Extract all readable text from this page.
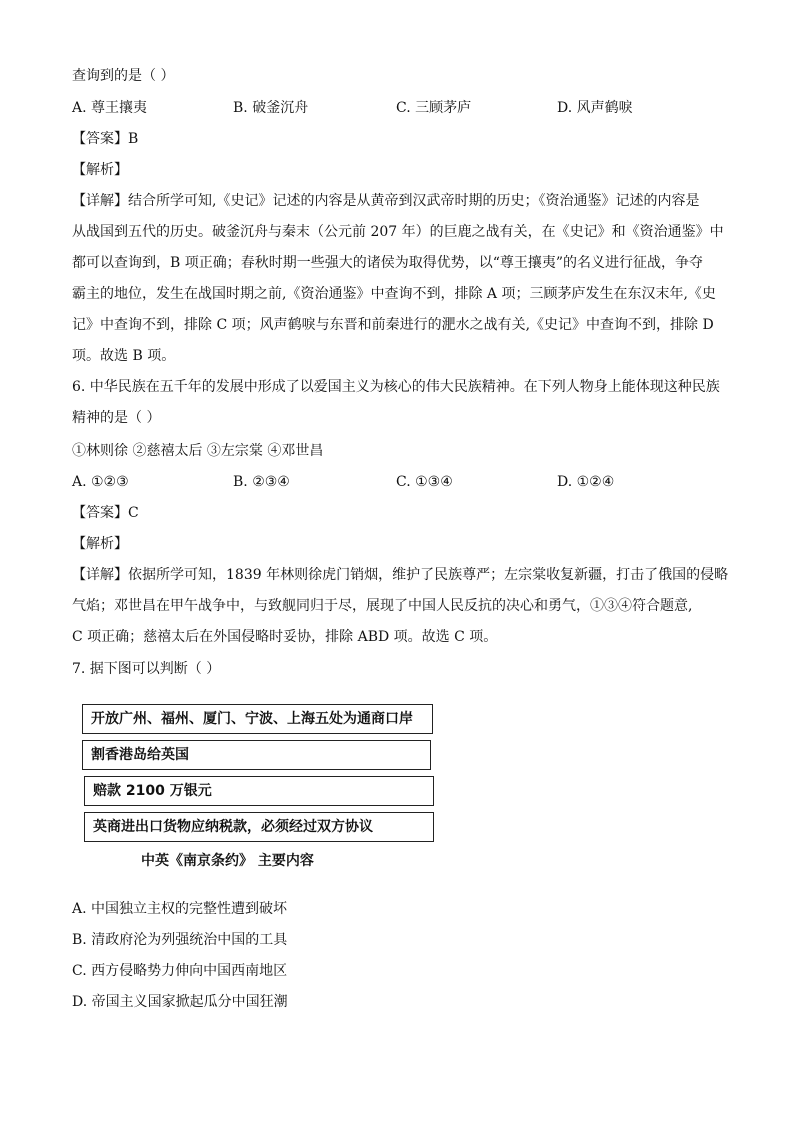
查询到的是（ ）
A. 尊王攘夷	B. 破釜沉舟	C. 三顾茅庐	D. 风声鹤唳
【答案】B
【解析】
【详解】结合所学可知,《史记》记述的内容是从黄帝到汉武帝时期的历史；《资治通鉴》记述的内容是
从战国到五代的历史。破釜沉舟与秦末（公元前 207 年）的巨鹿之战有关，在《史记》和《资治通鉴》中
都可以查询到，B 项正确；春秋时期一些强大的诸侯为取得优势，以“尊王攘夷”的名义进行征战，争夺
霸主的地位，发生在战国时期之前,《资治通鉴》中查询不到，排除 A 项；三顾茅庐发生在东汉末年,《史
记》中查询不到，排除 C 项；风声鹤唳与东晋和前秦进行的淝水之战有关,《史记》中查询不到，排除 D
项。故选 B 项。
6. 中华民族在五千年的发展中形成了以爱国主义为核心的伟大民族精神。在下列人物身上能体现这种民族
精神的是（ ）
①林则徐 ②慈禧太后 ③左宗棠 ④邓世昌
A. ①②③	B. ②③④	C. ①③④	D. ①②④
【答案】C
【解析】
【详解】依据所学可知，1839 年林则徐虎门销烟，维护了民族尊严；左宗棠收复新疆，打击了俄国的侵略
气焰；邓世昌在甲午战争中，与致舰同归于尽，展现了中国人民反抗的决心和勇气，①③④符合题意,
C 项正确；慈禧太后在外国侵略时妥协，排除 ABD 项。故选 C 项。
7. 据下图可以判断（ ）
开放广州、福州、厦门、宁波、上海五处为通商口岸
割香港岛给英国
赔款 2100 万银元
英商进出口货物应纳税款，必须经过双方协议
中英《南京条约》 主要内容
A. 中国独立主权的完整性遭到破坏
B. 清政府沦为列强统治中国的工具
C. 西方侵略势力伸向中国西南地区
D. 帝国主义国家掀起瓜分中国狂潮
